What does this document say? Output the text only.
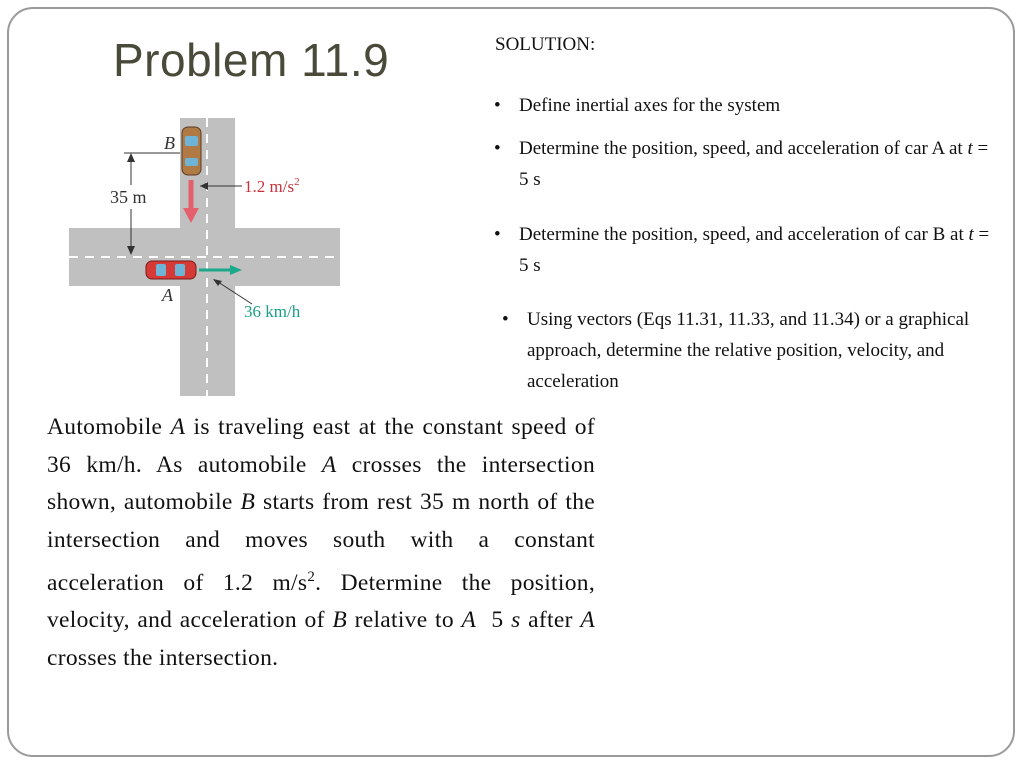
Problem 11.9	SOLUTION:
• Define inertial axes for the system
• Determine the position, speed, and acceleration of car A at t = 5 s
• Determine the position, speed, and acceleration of car B at t = 5 s
• Using vectors (Eqs 11.31, 11.33, and 11.34) or a graphical approach, determine the relative position, velocity, and acceleration
35 m
B
A
1.2 $m/s^2$
36 km/h
Automobile A is traveling east at the constant speed of 36 km/h. As automobile A crosses the intersection shown, automobile B starts from rest 35 m north of the intersection and moves south with a constant acceleration of 1.2 $m/s^2$. Determine the position, velocity, and acceleration of B relative to A  5 s after A crosses the intersection.
